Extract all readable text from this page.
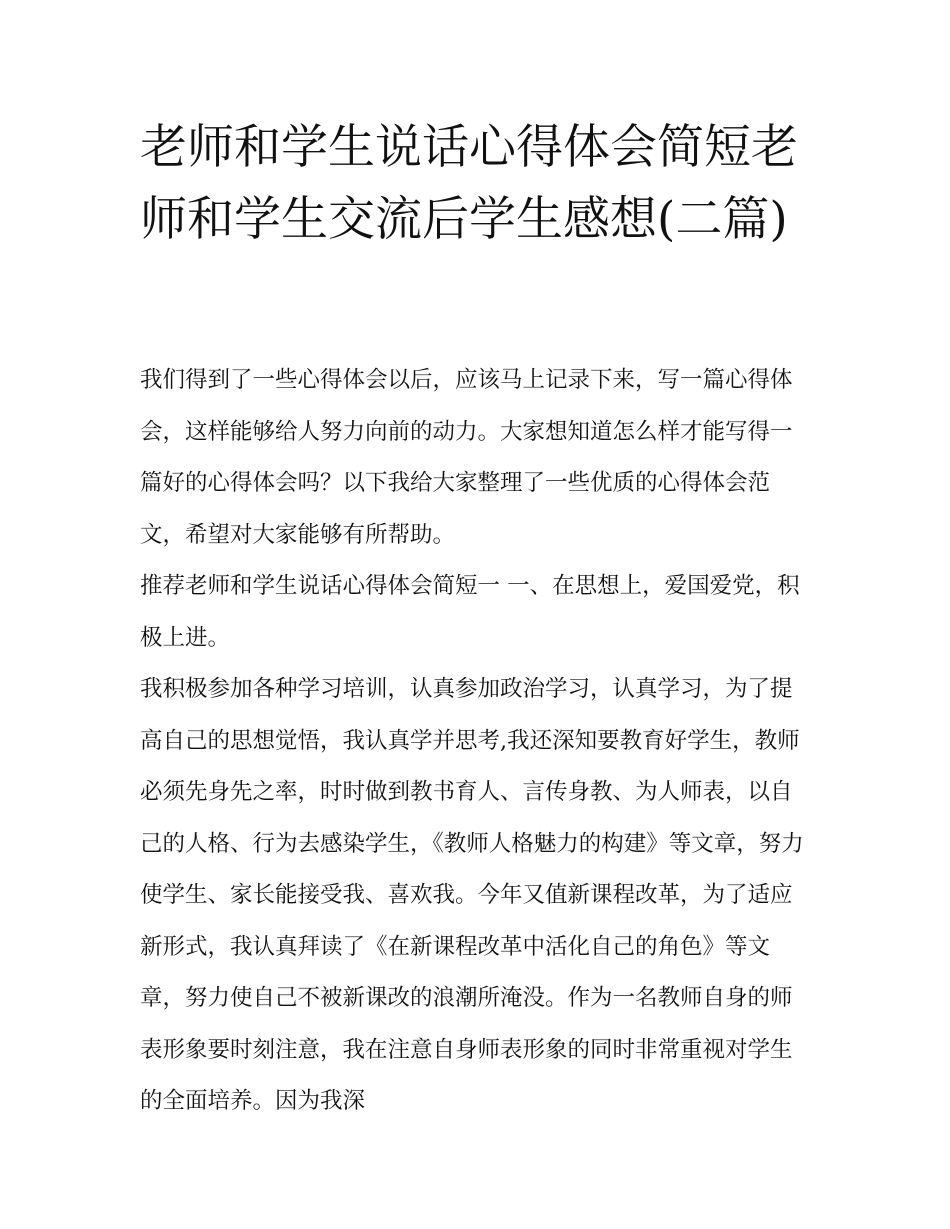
老师和学生说话心得体会简短老师和学生交流后学生感想(二篇)

我们得到了一些心得体会以后，应该马上记录下来，写一篇心得体会，这样能够给人努力向前的动力。大家想知道怎么样才能写得一篇好的心得体会吗？以下我给大家整理了一些优质的心得体会范文，希望对大家能够有所帮助。

推荐老师和学生说话心得体会简短一 一、在思想上，爱国爱党，积极上进。

我积极参加各种学习培训，认真参加政治学习，认真学习，为了提高自己的思想觉悟，我认真学并思考,我还深知要教育好学生，教师必须先身先之率，时时做到教书育人、言传身教、为人师表，以自己的人格、行为去感染学生，《教师人格魅力的构建》等文章，努力使学生、家长能接受我、喜欢我。今年又值新课程改革，为了适应新形式，我认真拜读了《在新课程改革中活化自己的角色》等文章，努力使自己不被新课改的浪潮所淹没。作为一名教师自身的师表形象要时刻注意，我在注意自身师表形象的同时非常重视对学生的全面培养。因为我深
